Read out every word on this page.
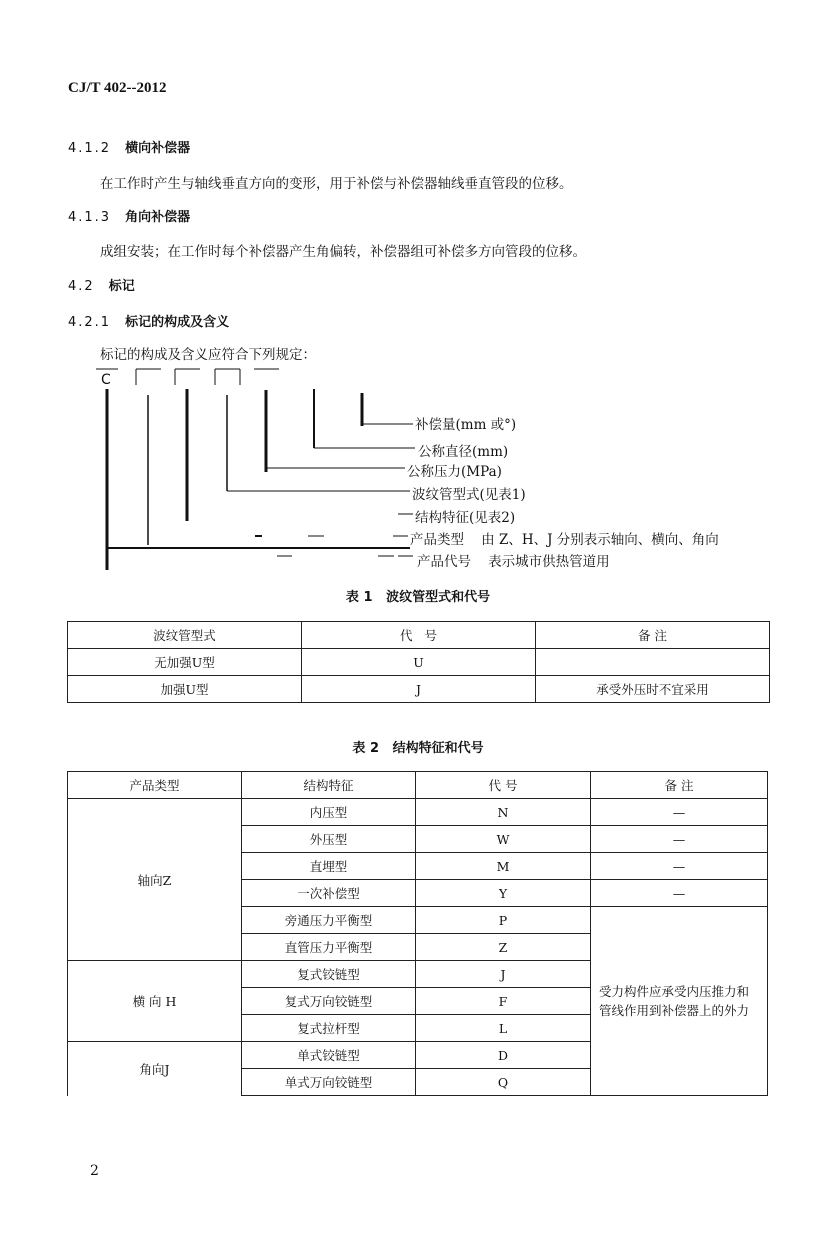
CJ/T 402--2012
4.1.2 横向补偿器
在工作时产生与轴线垂直方向的变形，用于补偿与补偿器轴线垂直管段的位移。
4.1.3 角向补偿器
成组安装；在工作时每个补偿器产生角偏转，补偿器组可补偿多方向管段的位移。
4.2 标记
4.2.1 标记的构成及含义
标记的构成及含义应符合下列规定：
C
补偿量(mm 或°)
公称直径(mm)
公称压力(MPa)
波纹管型式(见表1)
结构特征(见表2)
产品类型    由 Z、H、J 分别表示轴向、横向、角向
产品代号    表示城市供热管道用
表 1   波纹管型式和代号
波纹管型式	代   号	备 注
无加强U型	U	
加强U型	J	承受外压时不宜采用
表 2   结构特征和代号
产品类型	结构特征	代 号	备 注
轴向Z	内压型	N	—
	外压型	W	—
	直埋型	M	—
	一次补偿型	Y	—
	旁通压力平衡型	P	受力构件应承受内压推力和管线作用到补偿器上的外力
	直管压力平衡型	Z	
横 向 H	复式铰链型	J	
	复式万向铰链型	F	
	复式拉杆型	L	
角向J	单式铰链型	D	
	单式万向铰链型	Q	
2
